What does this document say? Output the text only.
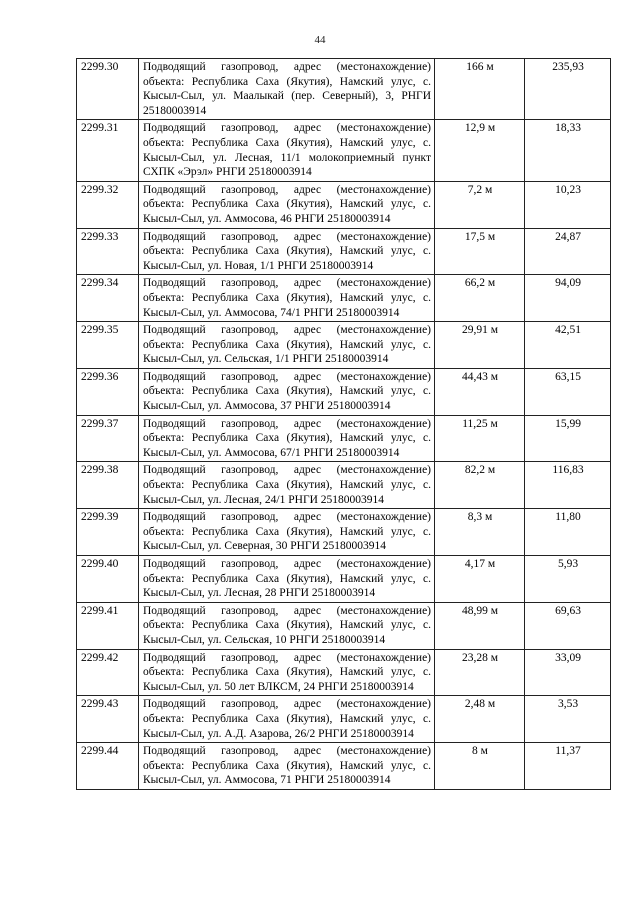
44
2299.30	Подводящий газопровод, адрес (местонахождение) объекта: Республика Саха (Якутия), Намский улус, с. Кысыл-Сыл, ул. Маалыкай (пер. Северный), 3, РНГИ 25180003914	166 м	235,93
2299.31	Подводящий газопровод, адрес (местонахождение) объекта: Республика Саха (Якутия), Намский улус, с. Кысыл-Сыл, ул. Лесная, 11/1 молокоприемный пункт СХПК «Эрэл» РНГИ 25180003914	12,9 м	18,33
2299.32	Подводящий газопровод, адрес (местонахождение) объекта: Республика Саха (Якутия), Намский улус, с. Кысыл-Сыл, ул. Аммосова, 46 РНГИ 25180003914	7,2 м	10,23
2299.33	Подводящий газопровод, адрес (местонахождение) объекта: Республика Саха (Якутия), Намский улус, с. Кысыл-Сыл, ул. Новая, 1/1 РНГИ 25180003914	17,5 м	24,87
2299.34	Подводящий газопровод, адрес (местонахождение) объекта: Республика Саха (Якутия), Намский улус, с. Кысыл-Сыл, ул. Аммосова, 74/1 РНГИ 25180003914	66,2 м	94,09
2299.35	Подводящий газопровод, адрес (местонахождение) объекта: Республика Саха (Якутия), Намский улус, с. Кысыл-Сыл, ул. Сельская, 1/1 РНГИ 25180003914	29,91 м	42,51
2299.36	Подводящий газопровод, адрес (местонахождение) объекта: Республика Саха (Якутия), Намский улус, с. Кысыл-Сыл, ул. Аммосова, 37 РНГИ 25180003914	44,43 м	63,15
2299.37	Подводящий газопровод, адрес (местонахождение) объекта: Республика Саха (Якутия), Намский улус, с. Кысыл-Сыл, ул. Аммосова, 67/1 РНГИ 25180003914	11,25 м	15,99
2299.38	Подводящий газопровод, адрес (местонахождение) объекта: Республика Саха (Якутия), Намский улус, с. Кысыл-Сыл, ул. Лесная, 24/1 РНГИ 25180003914	82,2 м	116,83
2299.39	Подводящий газопровод, адрес (местонахождение) объекта: Республика Саха (Якутия), Намский улус, с. Кысыл-Сыл, ул. Северная, 30 РНГИ 25180003914	8,3 м	11,80
2299.40	Подводящий газопровод, адрес (местонахождение) объекта: Республика Саха (Якутия), Намский улус, с. Кысыл-Сыл, ул. Лесная, 28 РНГИ 25180003914	4,17 м	5,93
2299.41	Подводящий газопровод, адрес (местонахождение) объекта: Республика Саха (Якутия), Намский улус, с. Кысыл-Сыл, ул. Сельская, 10 РНГИ 25180003914	48,99 м	69,63
2299.42	Подводящий газопровод, адрес (местонахождение) объекта: Республика Саха (Якутия), Намский улус, с. Кысыл-Сыл, ул. 50 лет ВЛКСМ, 24 РНГИ 25180003914	23,28 м	33,09
2299.43	Подводящий газопровод, адрес (местонахождение) объекта: Республика Саха (Якутия), Намский улус, с. Кысыл-Сыл, ул. А.Д. Азарова, 26/2 РНГИ 25180003914	2,48 м	3,53
2299.44	Подводящий газопровод, адрес (местонахождение) объекта: Республика Саха (Якутия), Намский улус, с. Кысыл-Сыл, ул. Аммосова, 71 РНГИ 25180003914	8 м	11,37
